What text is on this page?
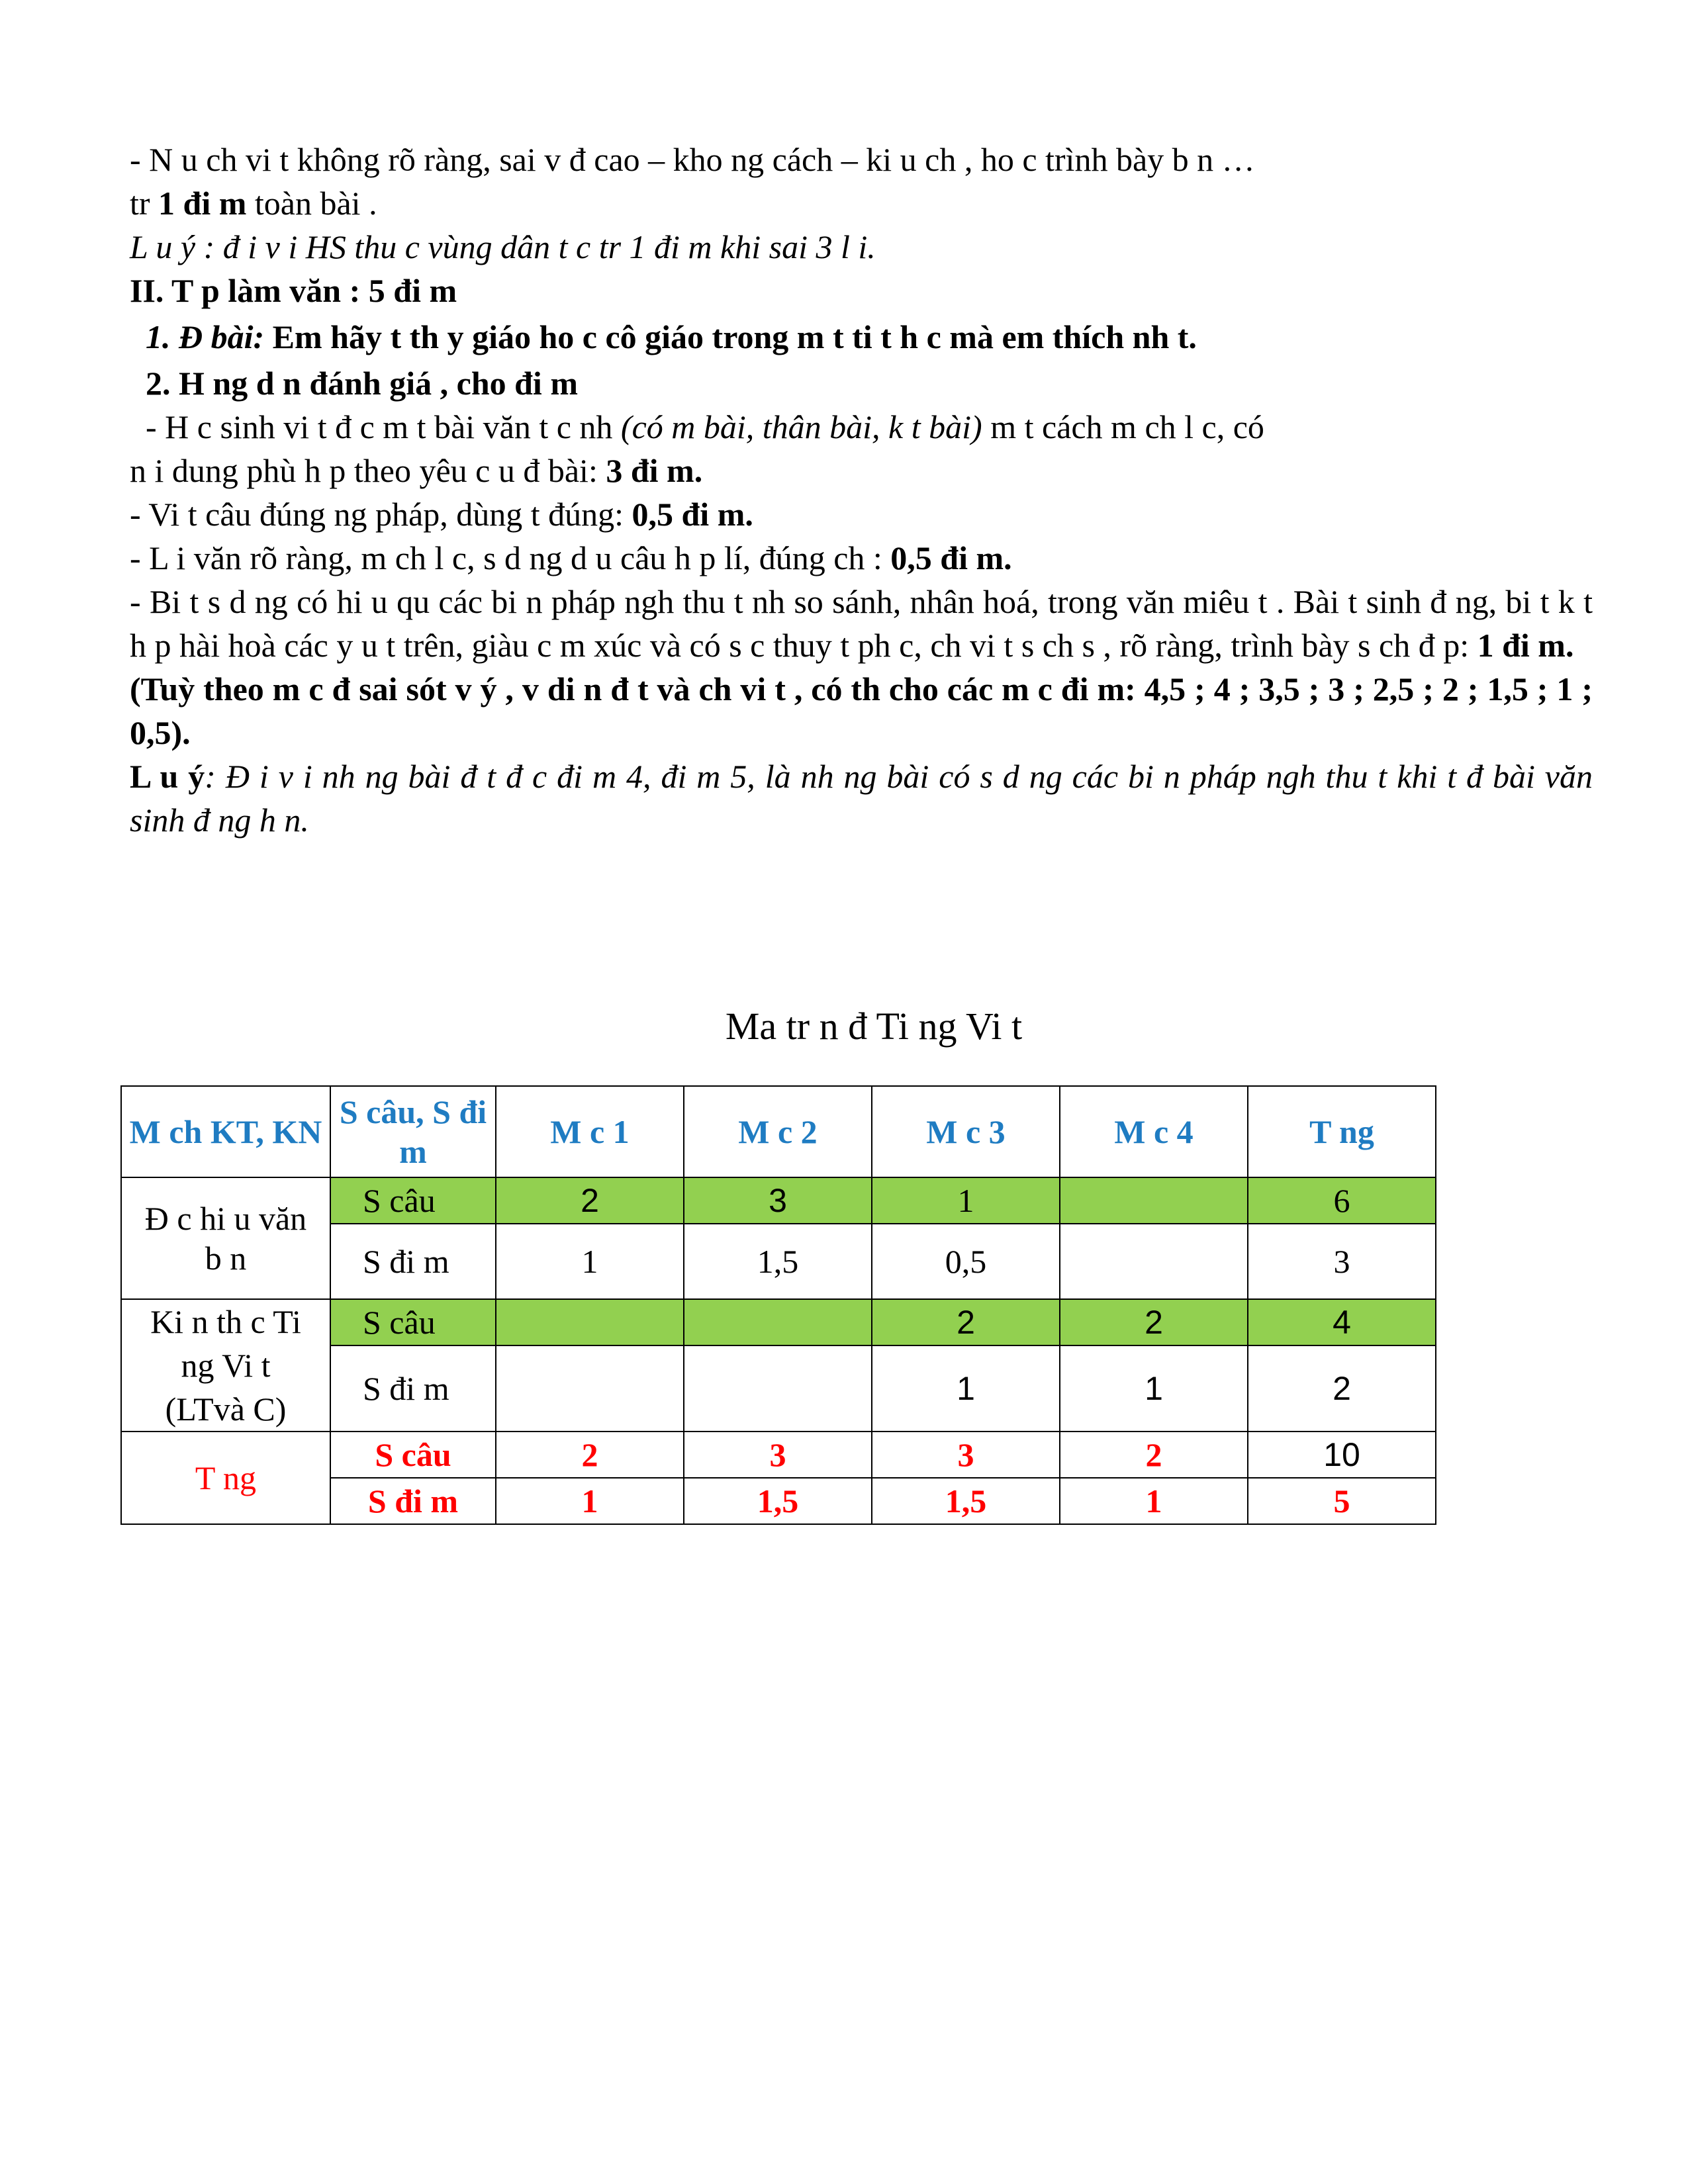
- N u ch vi t không rõ ràng, sai v đ cao – kho ng cách – ki u ch , ho c trình bày b n …
tr 1 đi m toàn bài .

L u ý : đ i v i HS thu c vùng dân t c tr 1 đi m khi sai 3 l i.

II. T p làm văn : 5 đi m

1. Đ bài: Em hãy t th y giáo ho c cô giáo trong m t ti t h c mà em thích nh t.

2. H ng d n đánh giá , cho đi m

- H c sinh vi t đ c m t bài văn t c nh (có m bài, thân bài, k t bài) m t cách m ch l c, có

n i dung phù h p theo yêu c u đ bài: 3 đi m.

- Vi t câu đúng ng pháp, dùng t đúng: 0,5 đi m.

- L i văn rõ ràng, m ch l c, s d ng d u câu h p lí, đúng ch : 0,5 đi m.

- Bi t s d ng có hi u qu các bi n pháp ngh thu t nh so sánh, nhân hoá, trong văn miêu t . Bài t sinh đ ng, bi t k t h p hài hoà các y u t trên, giàu c m xúc và có s c thuy t ph c, ch vi t s ch s , rõ ràng, trình bày s ch đ p: 1 đi m.

(Tuỳ theo m c đ sai sót v ý , v di n đ t và ch vi t , có th cho các m c đi m: 4,5 ; 4 ; 3,5 ; 3 ; 2,5 ; 2 ; 1,5 ; 1 ; 0,5).

L u ý: Đ i v i nh ng bài đ t đ c đi m 4, đi m 5, là nh ng bài có s d ng các bi n pháp ngh thu t khi t đ bài văn sinh đ ng h n.

Ma tr n đ Ti ng Vi t
M ch KT, KN	S câu, S đi m	M c 1	M c 2	M c 3	M c 4	T ng
Đ c hi u văn b n	S câu	2	3	1		6
	S đi m	1	1,5	0,5		3
Ki n th c Ti ng Vi t (LTvà C)	S câu			2	2	4
	S đi m			1	1	2
T ng	S câu	2	3	3	2	10
	S đi m	1	1,5	1,5	1	5
